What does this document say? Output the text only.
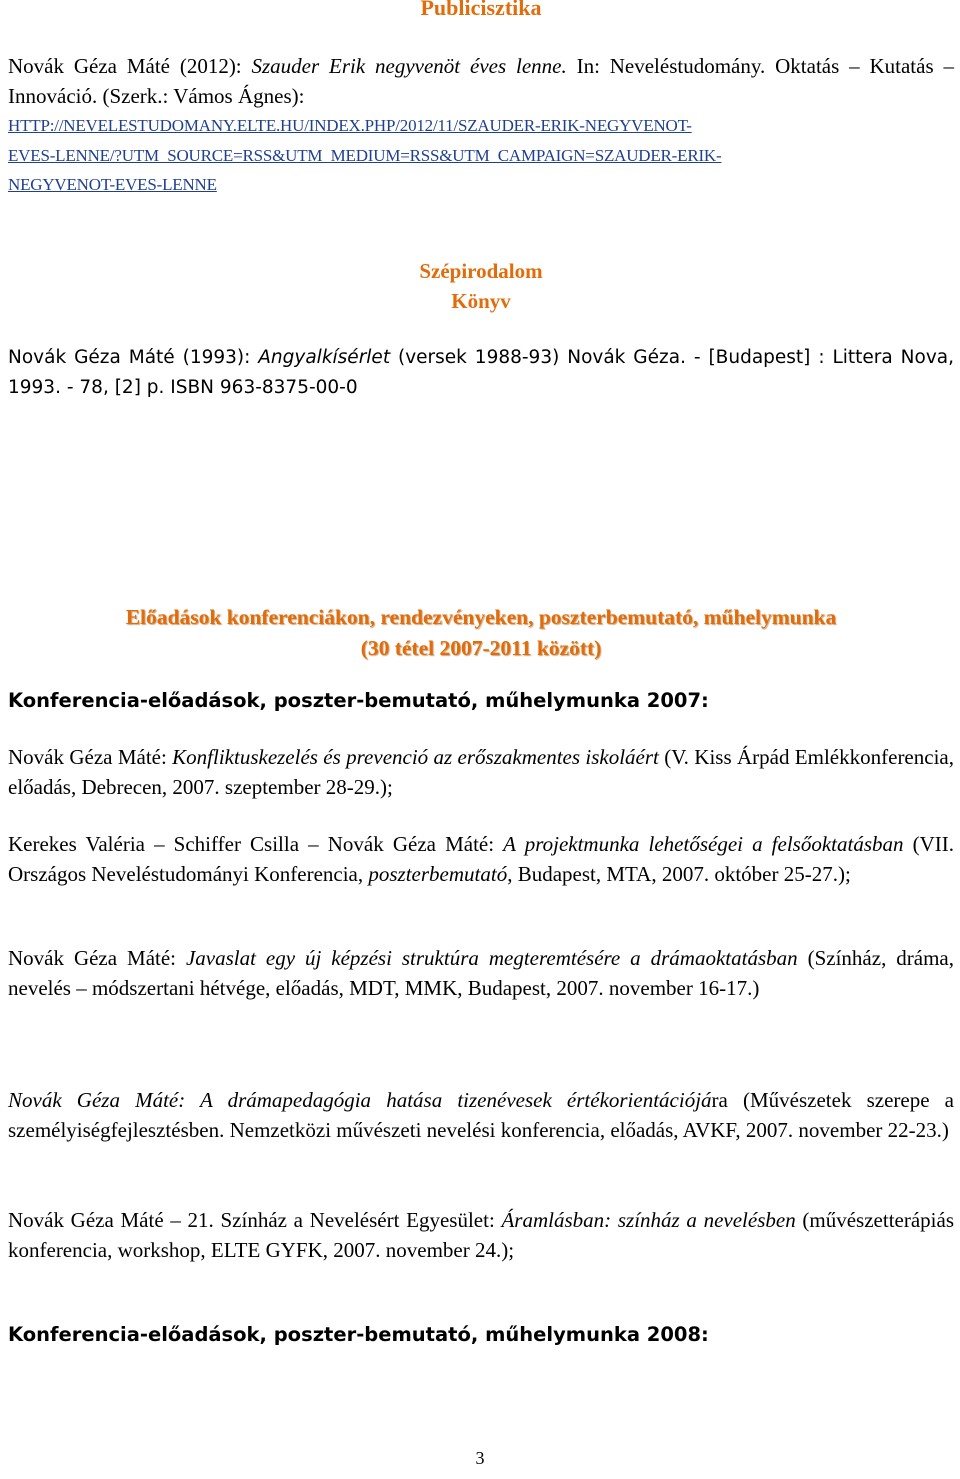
Publicisztika

Novák Géza Máté (2012): Szauder Erik negyvenöt éves lenne. In: Neveléstudomány. Oktatás – Kutatás – Innováció. (Szerk.: Vámos Ágnes):

HTTP://NEVELESTUDOMANY.ELTE.HU/INDEX.PHP/2012/11/SZAUDER-ERIK-NEGYVENOT-
EVES-LENNE/?UTM_SOURCE=RSS&UTM_MEDIUM=RSS&UTM_CAMPAIGN=SZAUDER-ERIK-
NEGYVENOT-EVES-LENNE

Szépirodalom

Könyv

Novák Géza Máté (1993): Angyalkísérlet (versek 1988-93) Novák Géza. - [Budapest] : Littera Nova, 1993. - 78, [2] p. ISBN 963-8375-00-0

Előadások konferenciákon, rendezvényeken, poszterbemutató, műhelymunka

(30 tétel 2007-2011 között)

Konferencia-előadások, poszter-bemutató, műhelymunka 2007:

Novák Géza Máté: Konfliktuskezelés és prevenció az erőszakmentes iskoláért (V. Kiss Árpád Emlékkonferencia, előadás, Debrecen, 2007. szeptember 28-29.);

Kerekes Valéria – Schiffer Csilla – Novák Géza Máté: A projektmunka lehetőségei a felsőoktatásban (VII. Országos Neveléstudományi Konferencia, poszterbemutató, Budapest, MTA, 2007. október 25-27.);

Novák Géza Máté: Javaslat egy új képzési struktúra megteremtésére a drámaoktatásban (Színház, dráma, nevelés – módszertani hétvége, előadás, MDT, MMK, Budapest, 2007. november 16-17.)

Novák Géza Máté: A drámapedagógia hatása tizenévesek értékorientációjára (Művészetek szerepe a személyiségfejlesztésben. Nemzetközi művészeti nevelési konferencia, előadás, AVKF, 2007. november 22-23.)

Novák Géza Máté – 21. Színház a Nevelésért Egyesület: Áramlásban: színház a nevelésben (művészetterápiás konferencia, workshop, ELTE GYFK, 2007. november 24.);

Konferencia-előadások, poszter-bemutató, műhelymunka 2008:

3
